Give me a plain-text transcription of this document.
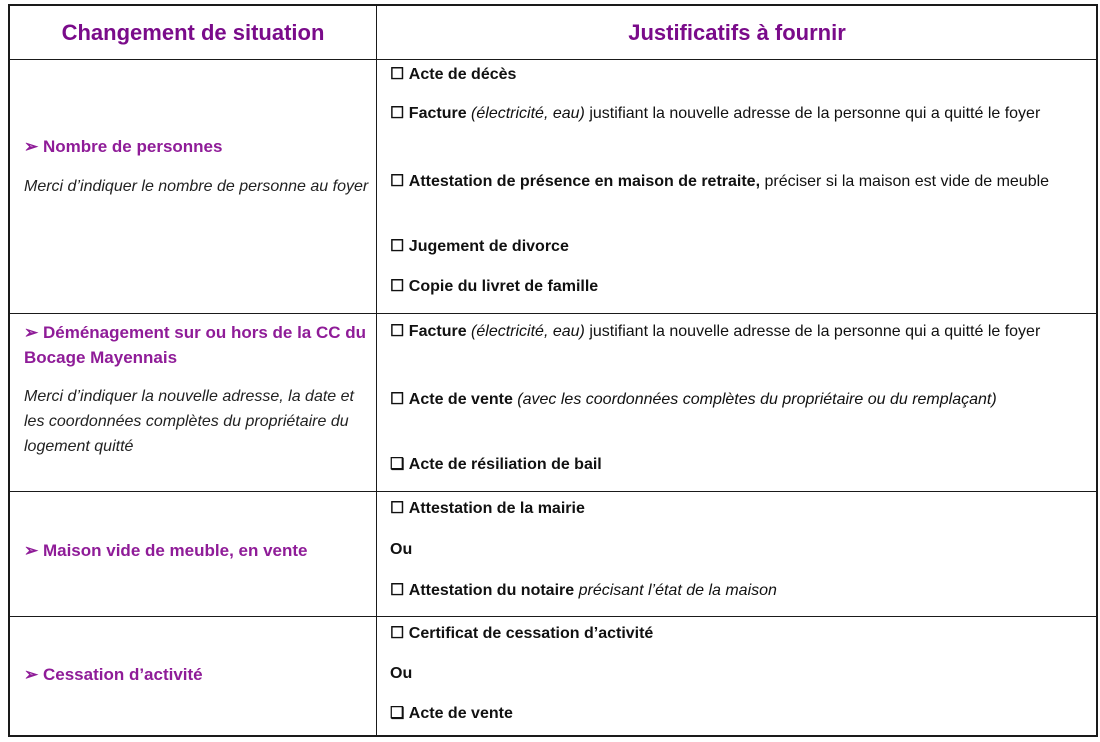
Changement de situation	Justificatifs à fournir
➢ Nombre de personnes
Merci d’indiquer le nombre de personne au foyer
☐ Acte de décès
☐ Facture (électricité, eau) justifiant la nouvelle adresse de la personne qui a quitté le foyer
☐ Attestation de présence en maison de retraite, préciser si la maison est vide de meuble
☐ Jugement de divorce
☐ Copie du livret de famille
➢ Déménagement sur ou hors de la CC du Bocage Mayennais
Merci d’indiquer la nouvelle adresse, la date et les coordonnées complètes du propriétaire du logement quitté
☐ Facture (électricité, eau) justifiant la nouvelle adresse de la personne qui a quitté le foyer
☐ Acte de vente (avec les coordonnées complètes du propriétaire ou du remplaçant)
❑ Acte de résiliation de bail
➢ Maison vide de meuble, en vente
☐ Attestation de la mairie
Ou
☐ Attestation du notaire précisant l’état de la maison
➢ Cessation d’activité
☐ Certificat de cessation d’activité
Ou
❑ Acte de vente
